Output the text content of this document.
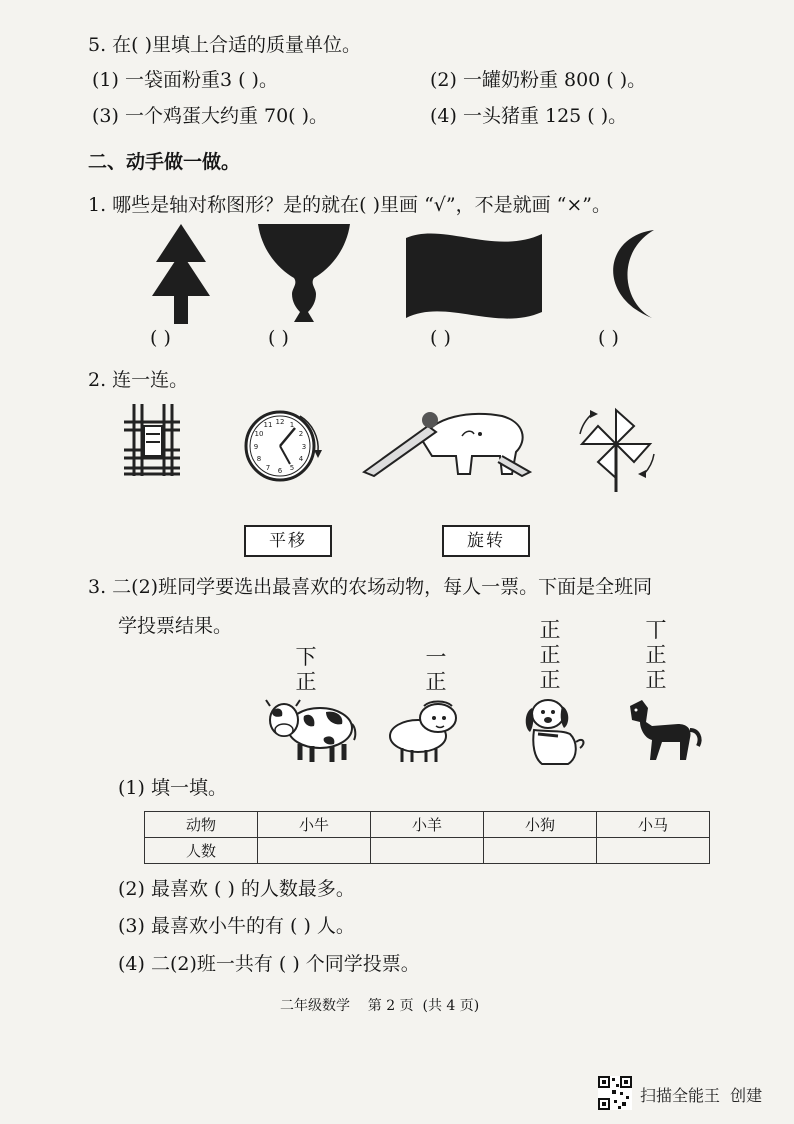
5. 在( )里填上合适的质量单位。
(1) 一袋面粉重3 ( )。	(2) 一罐奶粉重 800 ( )。
(3) 一个鸡蛋大约重 70( )。	(4) 一头猪重 125 ( )。
二、动手做一做。
1. 哪些是轴对称图形？是的就在( )里画 “√”，不是就画 “×”。
( )	( )	( )	( )
2. 连一连。
12 1
2
3
4
5
6
7
8
9
10
11
平移	旋转
3. 二(2)班同学要选出最喜欢的农场动物，每人一票。下面是全班同
学投票结果。
下
正
一
正
正
正
正
丅
正
正
(1) 填一填。
动物	小牛	小羊	小狗	小马
人数				
(2) 最喜欢 ( ) 的人数最多。
(3) 最喜欢小牛的有 ( ) 人。
(4) 二(2)班一共有 ( ) 个同学投票。
二年级数学    第 2 页  (共 4 页)
扫描全能王  创建
